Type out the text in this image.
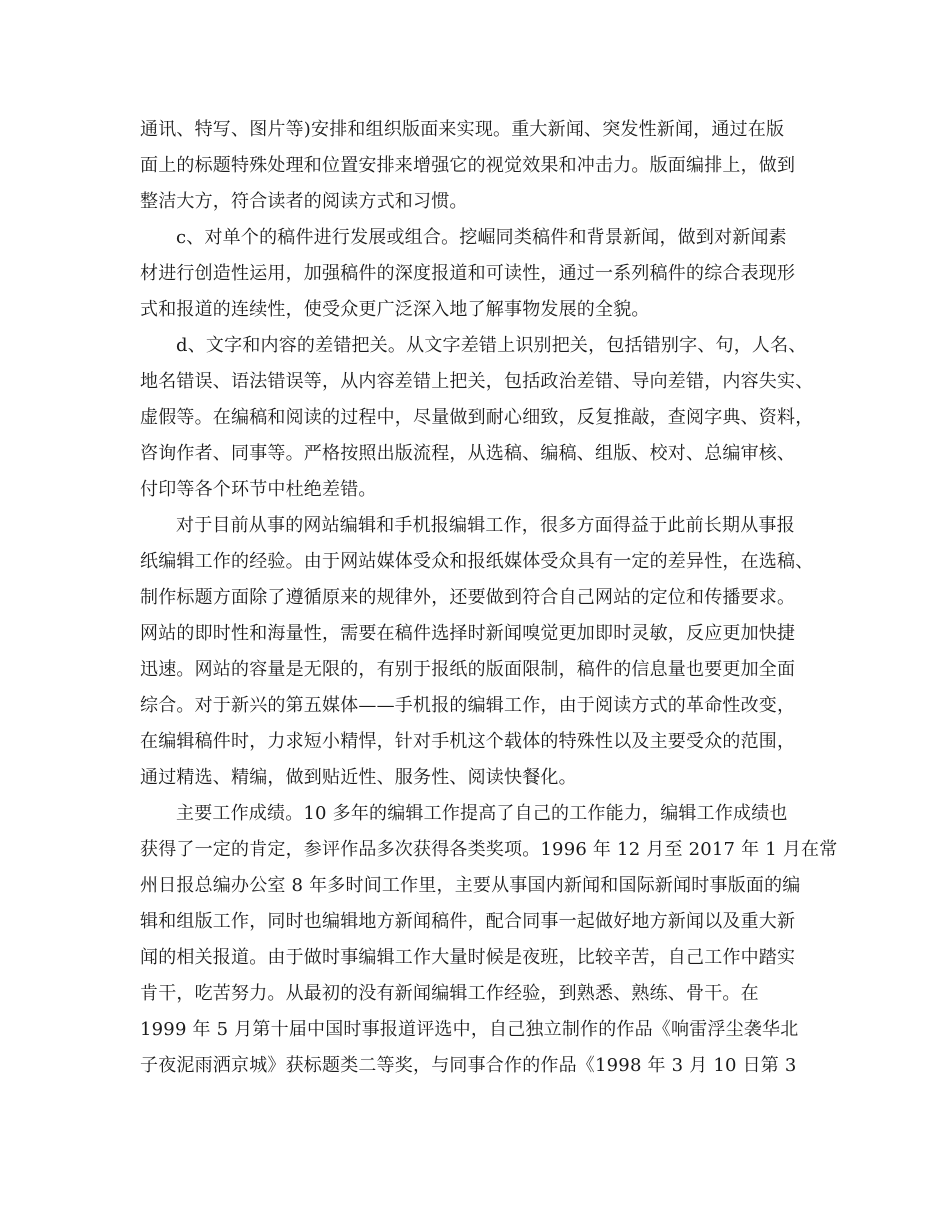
通讯、特写、图片等)安排和组织版面来实现。重大新闻、突发性新闻，通过在版
面上的标题特殊处理和位置安排来增强它的视觉效果和冲击力。版面编排上，做到
整洁大方，符合读者的阅读方式和习惯。
c、对单个的稿件进行发展或组合。挖崛同类稿件和背景新闻，做到对新闻素
材进行创造性运用，加强稿件的深度报道和可读性，通过一系列稿件的综合表现形
式和报道的连续性，使受众更广泛深入地了解事物发展的全貌。
d、文字和内容的差错把关。从文字差错上识别把关，包括错别字、句，人名、
地名错误、语法错误等，从内容差错上把关，包括政治差错、导向差错，内容失实、
虚假等。在编稿和阅读的过程中，尽量做到耐心细致，反复推敲，查阅字典、资料，
咨询作者、同事等。严格按照出版流程，从选稿、编稿、组版、校对、总编审核、
付印等各个环节中杜绝差错。
对于目前从事的网站编辑和手机报编辑工作，很多方面得益于此前长期从事报
纸编辑工作的经验。由于网站媒体受众和报纸媒体受众具有一定的差异性，在选稿、
制作标题方面除了遵循原来的规律外，还要做到符合自己网站的定位和传播要求。
网站的即时性和海量性，需要在稿件选择时新闻嗅觉更加即时灵敏，反应更加快捷
迅速。网站的容量是无限的，有别于报纸的版面限制，稿件的信息量也要更加全面
综合。对于新兴的第五媒体——手机报的编辑工作，由于阅读方式的革命性改变，
在编辑稿件时，力求短小精悍，针对手机这个载体的特殊性以及主要受众的范围，
通过精选、精编，做到贴近性、服务性、阅读快餐化。
主要工作成绩。10 多年的编辑工作提高了自己的工作能力，编辑工作成绩也
获得了一定的肯定，参评作品多次获得各类奖项。1996 年 12 月至 2017 年 1 月在常
州日报总编办公室 8 年多时间工作里，主要从事国内新闻和国际新闻时事版面的编
辑和组版工作，同时也编辑地方新闻稿件，配合同事一起做好地方新闻以及重大新
闻的相关报道。由于做时事编辑工作大量时候是夜班，比较辛苦，自己工作中踏实
肯干，吃苦努力。从最初的没有新闻编辑工作经验，到熟悉、熟练、骨干。在
1999 年 5 月第十届中国时事报道评选中，自己独立制作的作品《响雷浮尘袭华北
子夜泥雨洒京城》获标题类二等奖，与同事合作的作品《1998 年 3 月 10 日第 3
